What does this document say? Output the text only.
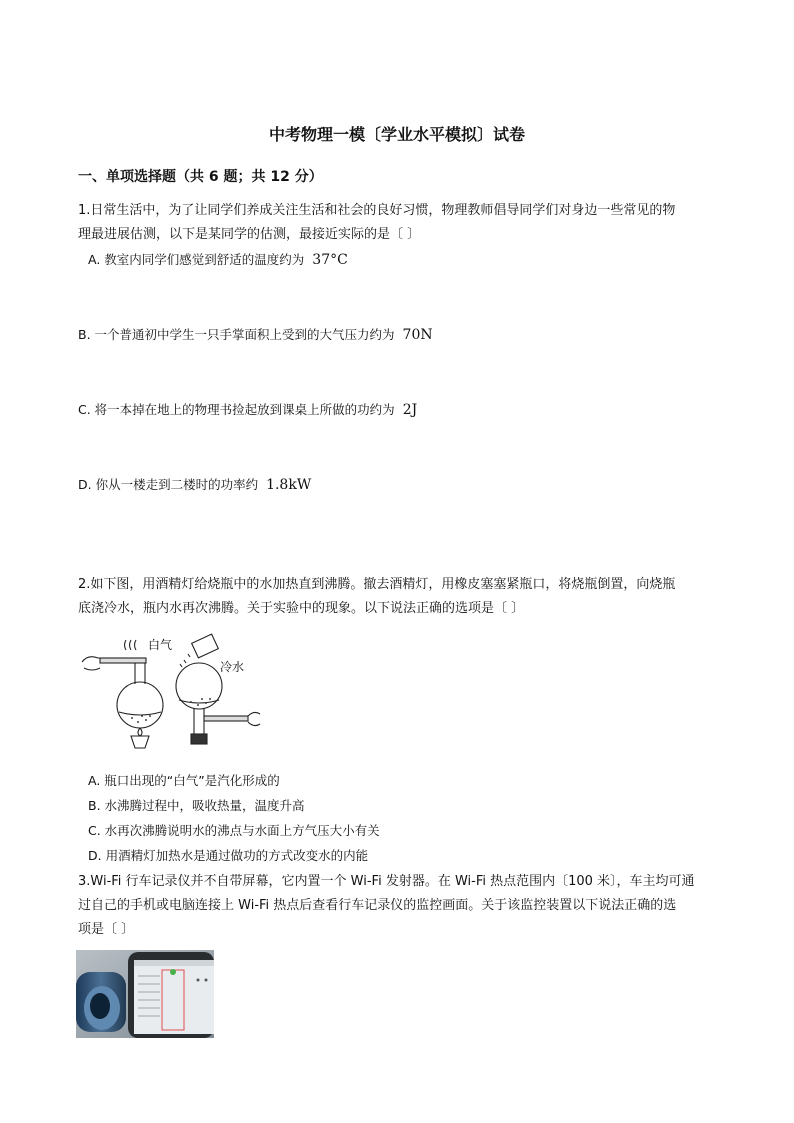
中考物理一模〔学业水平模拟〕试卷
一、单项选择题（共 6 题；共 12 分）
1.日常生活中，为了让同学们养成关注生活和社会的良好习惯，物理教师倡导同学们对身边一些常见的物
理最进展估测，以下是某同学的估测，最接近实际的是〔 〕
A. 教室内同学们感觉到舒适的温度约为 37°C
B. 一个普通初中学生一只手掌面积上受到的大气压力约为 70N
C. 将一本掉在地上的物理书捡起放到课桌上所做的功约为 2J
D. 你从一楼走到二楼时的功率约 1.8kW
2.如下图，用酒精灯给烧瓶中的水加热直到沸腾。撤去酒精灯，用橡皮塞塞紧瓶口，将烧瓶倒置，向烧瓶
底浇冷水，瓶内水再次沸腾。关于实验中的现象。以下说法正确的选项是〔 〕
白气
冷水
A. 瓶口出现的“白气”是汽化形成的
B. 水沸腾过程中，吸收热量，温度升高
C. 水再次沸腾说明水的沸点与水面上方气压大小有关
D. 用酒精灯加热水是通过做功的方式改变水的内能
3.Wi-Fi 行车记录仪并不自带屏幕，它内置一个 Wi-Fi 发射器。在 Wi-Fi 热点范围内〔100 米〕，车主均可通
过自己的手机或电脑连接上 Wi-Fi 热点后查看行车记录仪的监控画面。关于该监控装置以下说法正确的选
项是〔 〕
